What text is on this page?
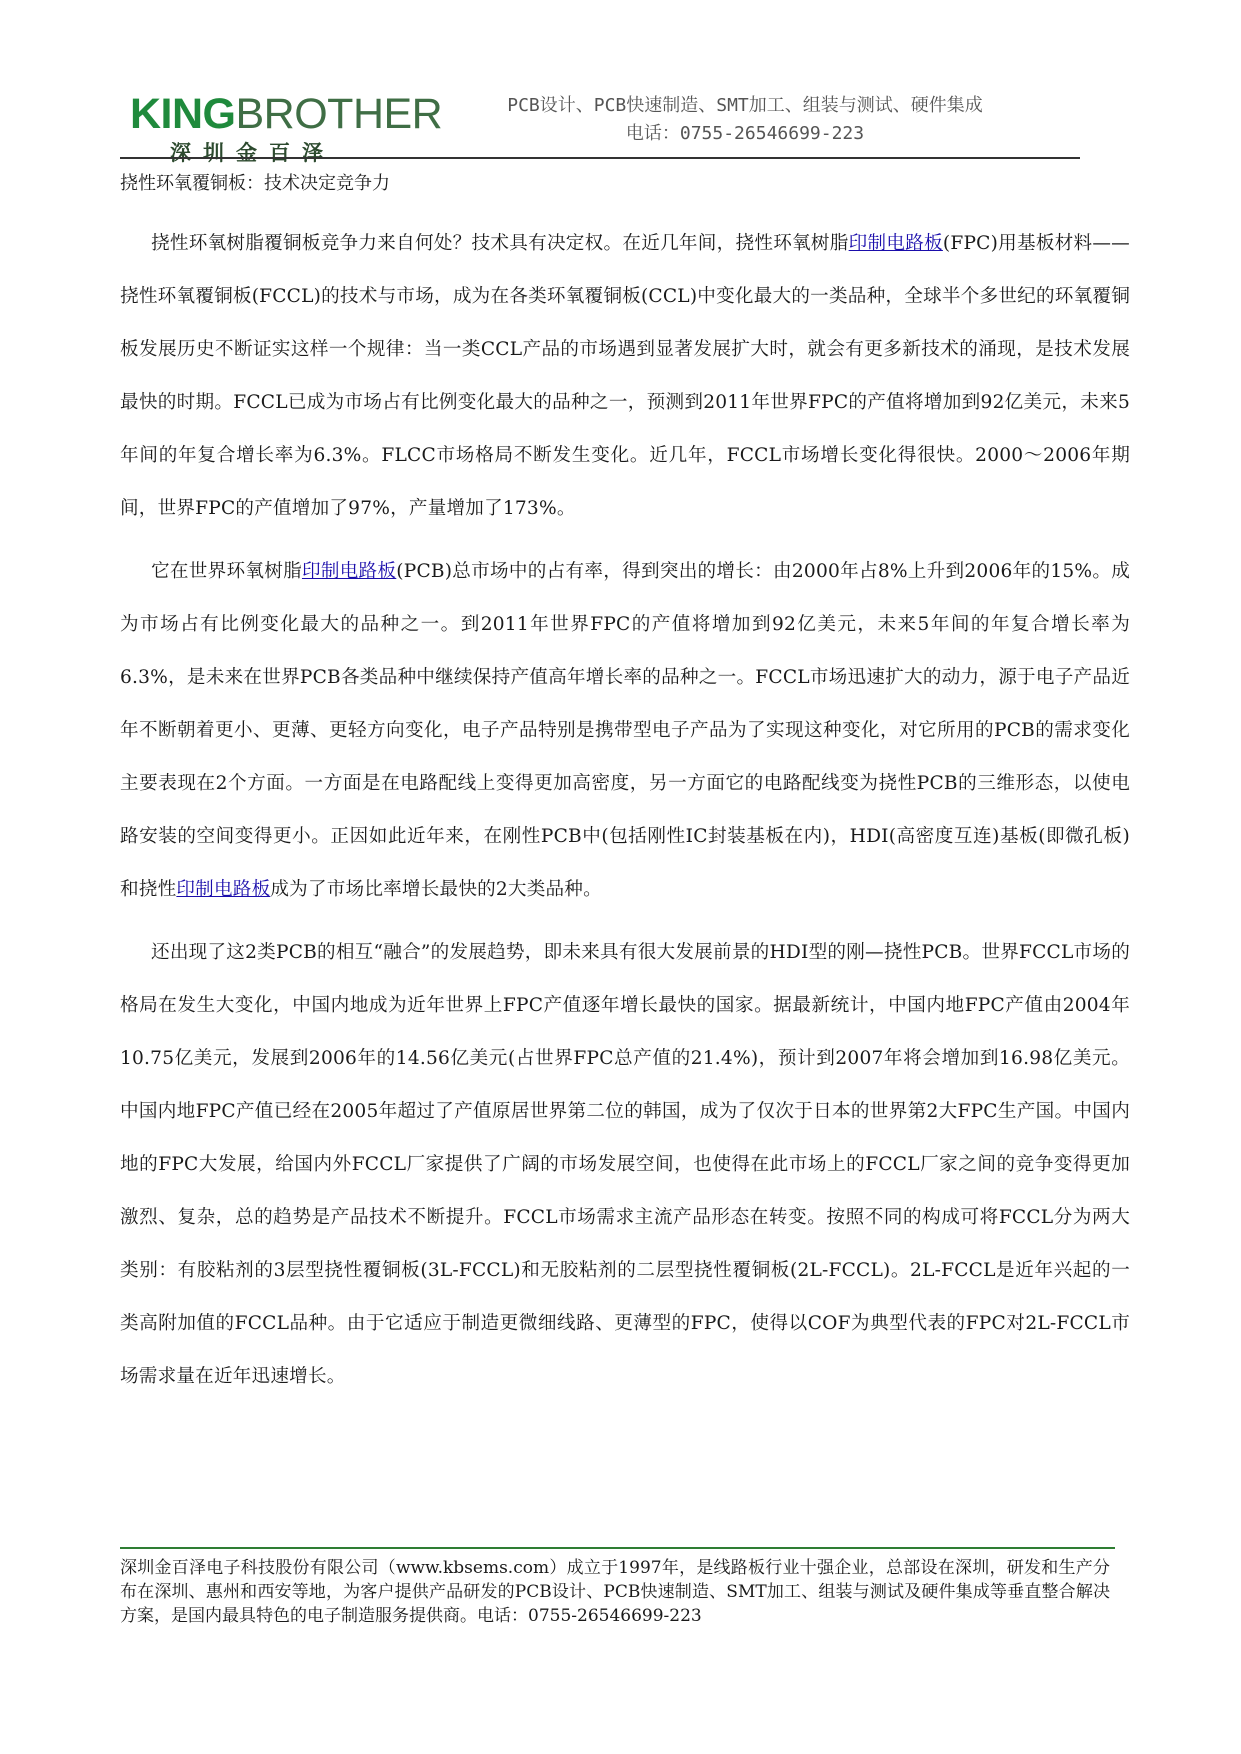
KINGBROTHER
深圳金百泽
PCB设计、PCB快速制造、SMT加工、组装与测试、硬件集成
电话：0755-26546699-223
挠性环氧覆铜板：技术决定竞争力

挠性环氧树脂覆铜板竞争力来自何处？技术具有决定权。在近几年间，挠性环氧树脂印制电路板(FPC)用基板材料——挠性环氧覆铜板(FCCL)的技术与市场，成为在各类环氧覆铜板(CCL)中变化最大的一类品种，全球半个多世纪的环氧覆铜板发展历史不断证实这样一个规律：当一类CCL产品的市场遇到显著发展扩大时，就会有更多新技术的涌现，是技术发展最快的时期。FCCL已成为市场占有比例变化最大的品种之一，预测到2011年世界FPC的产值将增加到92亿美元，未来5年间的年复合增长率为6.3%。FLCC市场格局不断发生变化。近几年，FCCL市场增长变化得很快。2000～2006年期间，世界FPC的产值增加了97%，产量增加了173%。

它在世界环氧树脂印制电路板(PCB)总市场中的占有率，得到突出的增长：由2000年占8%上升到2006年的15%。成为市场占有比例变化最大的品种之一。到2011年世界FPC的产值将增加到92亿美元，未来5年间的年复合增长率为6.3%，是未来在世界PCB各类品种中继续保持产值高年增长率的品种之一。FCCL市场迅速扩大的动力，源于电子产品近年不断朝着更小、更薄、更轻方向变化，电子产品特别是携带型电子产品为了实现这种变化，对它所用的PCB的需求变化主要表现在2个方面。一方面是在电路配线上变得更加高密度，另一方面它的电路配线变为挠性PCB的三维形态，以使电路安装的空间变得更小。正因如此近年来，在刚性PCB中(包括刚性IC封装基板在内)，HDI(高密度互连)基板(即微孔板)和挠性印制电路板成为了市场比率增长最快的2大类品种。

还出现了这2类PCB的相互“融合”的发展趋势，即未来具有很大发展前景的HDI型的刚—挠性PCB。世界FCCL市场的格局在发生大变化，中国内地成为近年世界上FPC产值逐年增长最快的国家。据最新统计，中国内地FPC产值由2004年10.75亿美元，发展到2006年的14.56亿美元(占世界FPC总产值的21.4%)，预计到2007年将会增加到16.98亿美元。中国内地FPC产值已经在2005年超过了产值原居世界第二位的韩国，成为了仅次于日本的世界第2大FPC生产国。中国内地的FPC大发展，给国内外FCCL厂家提供了广阔的市场发展空间，也使得在此市场上的FCCL厂家之间的竞争变得更加激烈、复杂，总的趋势是产品技术不断提升。FCCL市场需求主流产品形态在转变。按照不同的构成可将FCCL分为两大类别：有胶粘剂的3层型挠性覆铜板(3L-FCCL)和无胶粘剂的二层型挠性覆铜板(2L-FCCL)。2L-FCCL是近年兴起的一类高附加值的FCCL品种。由于它适应于制造更微细线路、更薄型的FPC，使得以COF为典型代表的FPC对2L-FCCL市场需求量在近年迅速增长。

深圳金百泽电子科技股份有限公司（www.kbsems.com）成立于1997年，是线路板行业十强企业，总部设在深圳，研发和生产分布在深圳、惠州和西安等地，为客户提供产品研发的PCB设计、PCB快速制造、SMT加工、组装与测试及硬件集成等垂直整合解决方案，是国内最具特色的电子制造服务提供商。电话：0755-26546699-223
